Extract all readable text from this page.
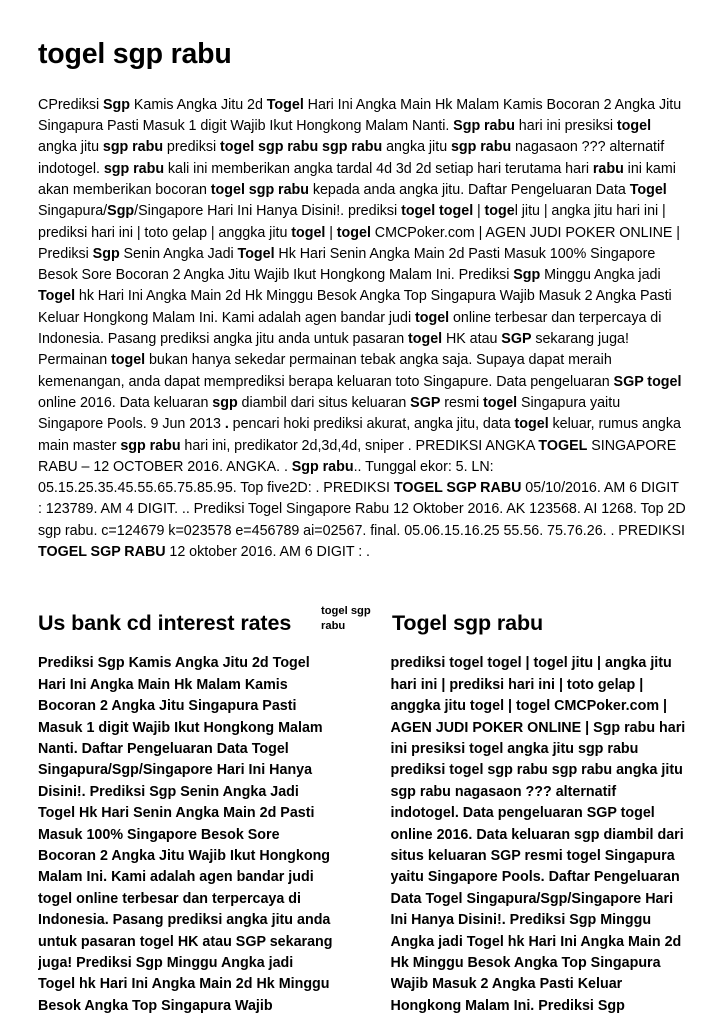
togel sgp rabu

CPrediksi Sgp Kamis Angka Jitu 2d Togel Hari Ini Angka Main Hk Malam Kamis Bocoran 2 Angka Jitu Singapura Pasti Masuk 1 digit Wajib Ikut Hongkong Malam Nanti. Sgp rabu hari ini presiksi togel angka jitu sgp rabu prediksi togel sgp rabu sgp rabu angka jitu sgp rabu nagasaon ??? alternatif indotogel. sgp rabu kali ini memberikan angka tardal 4d 3d 2d setiap hari terutama hari rabu ini kami akan memberikan bocoran togel sgp rabu kepada anda angka jitu. Daftar Pengeluaran Data Togel Singapura/Sgp/Singapore Hari Ini Hanya Disini!. prediksi togel togel | togel jitu | angka jitu hari ini | prediksi hari ini | toto gelap | anggka jitu togel | togel CMCPoker.com | AGEN JUDI POKER ONLINE | Prediksi Sgp Senin Angka Jadi Togel Hk Hari Senin Angka Main 2d Pasti Masuk 100% Singapore Besok Sore Bocoran 2 Angka Jitu Wajib Ikut Hongkong Malam Ini. Prediksi Sgp Minggu Angka jadi Togel hk Hari Ini Angka Main 2d Hk Minggu Besok Angka Top Singapura Wajib Masuk 2 Angka Pasti Keluar Hongkong Malam Ini. Kami adalah agen bandar judi togel online terbesar dan terpercaya di Indonesia. Pasang prediksi angka jitu anda untuk pasaran togel HK atau SGP sekarang juga! Permainan togel bukan hanya sekedar permainan tebak angka saja. Supaya dapat meraih kemenangan, anda dapat memprediksi berapa keluaran toto Singapure. Data pengeluaran SGP togel online 2016. Data keluaran sgp diambil dari situs keluaran SGP resmi togel Singapura yaitu Singapore Pools. 9 Jun 2013 . pencari hoki prediksi akurat, angka jitu, data togel keluar, rumus angka main master sgp rabu hari ini, predikator 2d,3d,4d, sniper . PREDIKSI ANGKA TOGEL SINGAPORE RABU – 12 OCTOBER 2016. ANGKA. . Sgp rabu.. Tunggal ekor: 5. LN: 05.15.25.35.45.55.65.75.85.95. Top five2D: . PREDIKSI TOGEL SGP RABU 05/10/2016. AM 6 DIGIT : 123789. AM 4 DIGIT. .. Prediksi Togel Singapore Rabu 12 Oktober 2016. AK 123568. AI 1268. Top 2D sgp rabu. c=124679 k=023578 e=456789 ai=02567. final. 05.06.15.16.25 55.56. 75.76.26. . PREDIKSI TOGEL SGP RABU 12 oktober 2016. AM 6 DIGIT : .

Us bank cd interest rates	togel sgp rabu	Togel sgp rabu

Prediksi Sgp Kamis Angka Jitu 2d Togel Hari Ini Angka Main Hk Malam Kamis Bocoran 2 Angka Jitu Singapura Pasti Masuk 1 digit Wajib Ikut Hongkong Malam Nanti. Daftar Pengeluaran Data Togel Singapura/Sgp/Singapore Hari Ini Hanya Disini!. Prediksi Sgp Senin Angka Jadi Togel Hk Hari Senin Angka Main 2d Pasti Masuk 100% Singapore Besok Sore Bocoran 2 Angka Jitu Wajib Ikut Hongkong Malam Ini. Kami adalah agen bandar judi togel online terbesar dan terpercaya di Indonesia. Pasang prediksi angka jitu anda untuk pasaran togel HK atau SGP sekarang juga! Prediksi Sgp Minggu Angka jadi Togel hk Hari Ini Angka Main 2d Hk Minggu Besok Angka Top Singapura Wajib

prediksi togel togel | togel jitu | angka jitu hari ini | prediksi hari ini | toto gelap | anggka jitu togel | togel CMCPoker.com | AGEN JUDI POKER ONLINE | Sgp rabu hari ini presiksi togel angka jitu sgp rabu prediksi togel sgp rabu sgp rabu angka jitu sgp rabu nagasaon ??? alternatif indotogel. Data pengeluaran SGP togel online 2016. Data keluaran sgp diambil dari situs keluaran SGP resmi togel Singapura yaitu Singapore Pools. Daftar Pengeluaran Data Togel Singapura/Sgp/Singapore Hari Ini Hanya Disini!. Prediksi Sgp Minggu Angka jadi Togel hk Hari Ini Angka Main 2d Hk Minggu Besok Angka Top Singapura Wajib Masuk 2 Angka Pasti Keluar Hongkong Malam Ini. Prediksi Sgp
